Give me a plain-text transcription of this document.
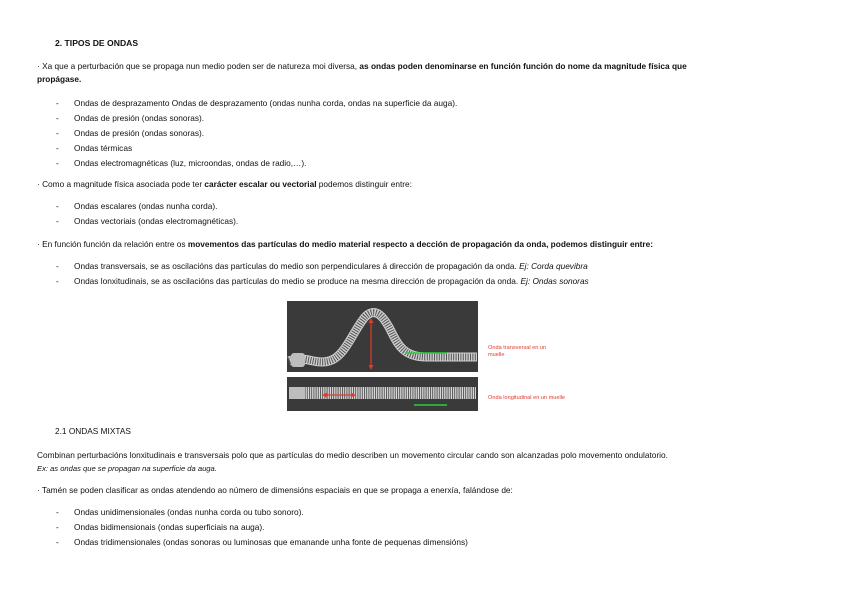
2. TIPOS DE ONDAS
· Xa que a perturbación que se propaga nun medio poden ser de natureza moi diversa, as ondas poden denominarse en función función do nome da magnitude física que
propágase.
- Ondas de desprazamento Ondas de desprazamento (ondas nunha corda, ondas na superficie da auga).
- Ondas de presión (ondas sonoras).
- Ondas de presión (ondas sonoras).
- Ondas térmicas
- Ondas electromagnéticas (luz, microondas, ondas de radio,…).
· Como a magnitude física asociada pode ter carácter escalar ou vectorial podemos distinguir entre:
- Ondas escalares (ondas nunha corda).
- Ondas vectoriais (ondas electromagnéticas).
· En función función da relación entre os movementos das partículas do medio material respecto a dección de propagación da onda, podemos distinguir entre:
- Ondas transversais, se as oscilacións das partículas do medio son perpendiculares á dirección de propagación da onda. Ej: Corda quevibra
- Ondas lonxitudinais, se as oscilacións das partículas do medio se produce na mesma dirección de propagación da onda. Ej: Ondas sonoras
Onda transversal en un
muelle
Onda longitudinal en un muelle
2.1 ONDAS MIXTAS
Combinan perturbacións lonxitudinais e transversais polo que as partículas do medio describen un movemento circular cando son alcanzadas polo movemento ondulatorio.
Ex: as ondas que se propagan na superficie da auga.
· Tamén se poden clasificar as ondas atendendo ao número de dimensións espaciais en que se propaga a enerxía, falándose de:
- Ondas unidimensionales (ondas nunha corda ou tubo sonoro).
- Ondas bidimensionais (ondas superficiais na auga).
- Ondas tridimensionales (ondas sonoras ou luminosas que emanande unha fonte de pequenas dimensións)
